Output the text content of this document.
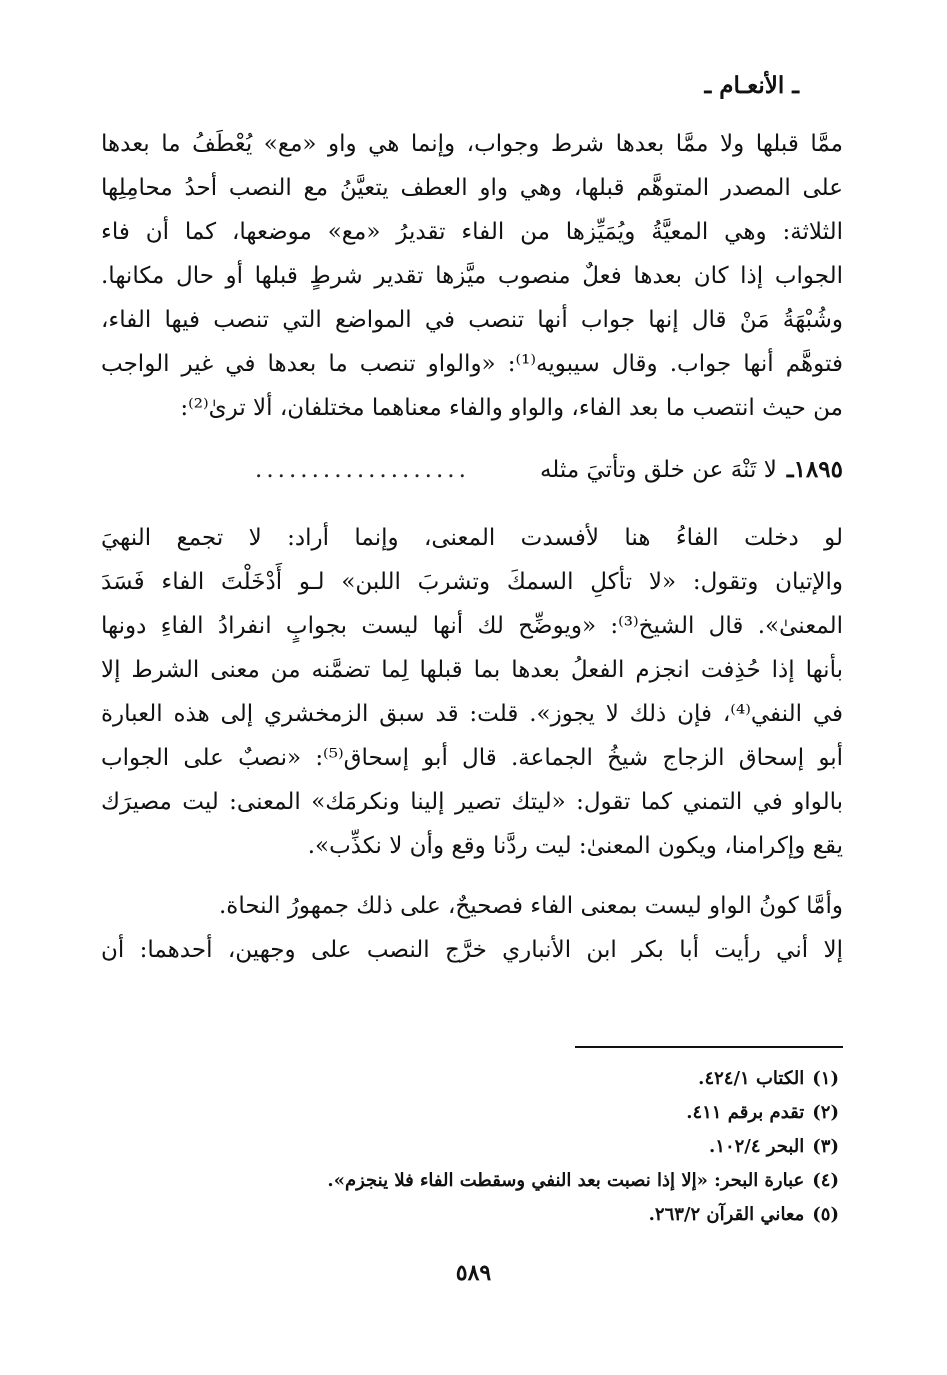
ـ الأنعـام ـ
ممَّا قبلها ولا ممَّا بعدها شرط وجواب، وإنما هي واو «مع» يُعْطَفُ ما بعدها
على المصدر المتوهَّم قبلها، وهي واو العطف يتعيَّنُ مع النصب أحدُ محامِلِها
الثلاثة: وهي المعيَّةُ ويُمَيِّزها من الفاء تقديرُ «مع» موضعها، كما أن فاء
الجواب إذا كان بعدها فعلٌ منصوب ميَّزها تقدير شرطٍ قبلها أو حال مكانها.
وشُبْهَةُ مَنْ قال إنها جواب أنها تنصب في المواضع التي تنصب فيها الفاء،
فتوهَّم أنها جواب. وقال سيبويه⁽¹⁾: «والواو تنصب ما بعدها في غير الواجب
من حيث انتصب ما بعد الفاء، والواو والفاء معناهما مختلفان، ألا ترىٰ⁽²⁾:
١٨٩٥ـ
لا تَنْهَ عن خلق وتأتيَ مثله
...................
لو دخلت الفاءُ هنا لأفسدت المعنى، وإنما أراد: لا تجمع النهيَ
والإتيان وتقول: «لا تأكلِ السمكَ وتشربَ اللبن» لـو أَدْخَلْتَ الفاء فَسَدَ
المعنىٰ». قال الشيخ⁽³⁾: «ويوضِّح لك أنها ليست بجوابٍ انفرادُ الفاءِ دونها
بأنها إذا حُذِفت انجزم الفعلُ بعدها بما قبلها لِما تضمَّنه من معنى الشرط إلا
في النفي⁽⁴⁾، فإن ذلك لا يجوز». قلت: قد سبق الزمخشري إلى هذه العبارة
أبو إسحاق الزجاج شيخُ الجماعة. قال أبو إسحاق⁽⁵⁾: «نصبٌ على الجواب
بالواو في التمني كما تقول: «ليتك تصير إلينا ونكرمَك» المعنى: ليت مصيرَك
يقع وإكرامنا، ويكون المعنىٰ: ليت ردَّنا وقع وأن لا نكذِّب».
وأمَّا كونُ الواو ليست بمعنى الفاء فصحيحٌ، على ذلك جمهورُ النحاة.
إلا أني رأيت أبا بكر ابن الأنباري خرَّج النصب على وجهين، أحدهما: أن
(١)الكتاب ٤٢٤/١.
(٢)تقدم برقم ٤١١.
(٣)البحر ١٠٢/٤.
(٤)عبارة البحر: «إلا إذا نصبت بعد النفي وسقطت الفاء فلا ينجزم».
(٥)معاني القرآن ٢٦٣/٢.
٥٨٩
